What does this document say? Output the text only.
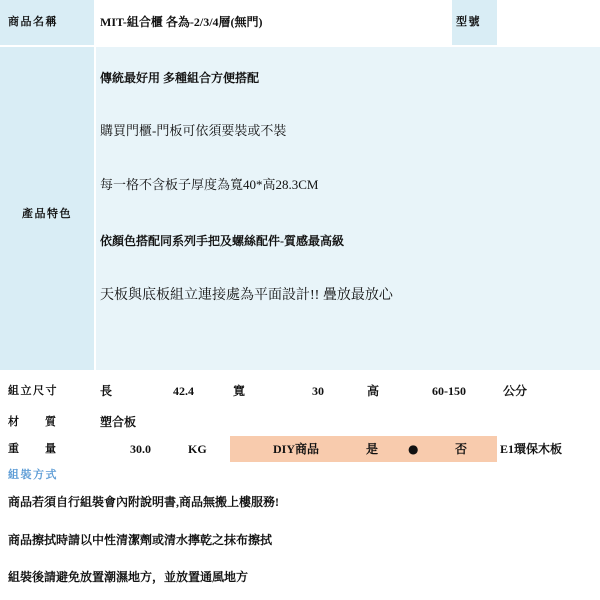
商品名稱	MIT-組合櫃 各為-2/3/4層(無門)	型號
產品特色
傳統最好用 多種組合方便搭配
購買門櫃-門板可依須要裝或不裝
每一格不含板子厚度為寬40*高28.3CM
依顏色搭配同系列手把及螺絲配件-質感最高級
天板與底板組立連接處為平面設計!! 疊放最放心
組立尺寸	長	42.4	寬	30	高	60-150	公分
材 質	塑合板
重 量	30.0	KG	DIY商品	是 ●	否	E1環保木板
組裝方式
商品若須自行組裝會內附說明書,商品無搬上樓服務!
商品擦拭時請以中性清潔劑或清水擰乾之抹布擦拭
組裝後請避免放置潮濕地方，並放置通風地方
